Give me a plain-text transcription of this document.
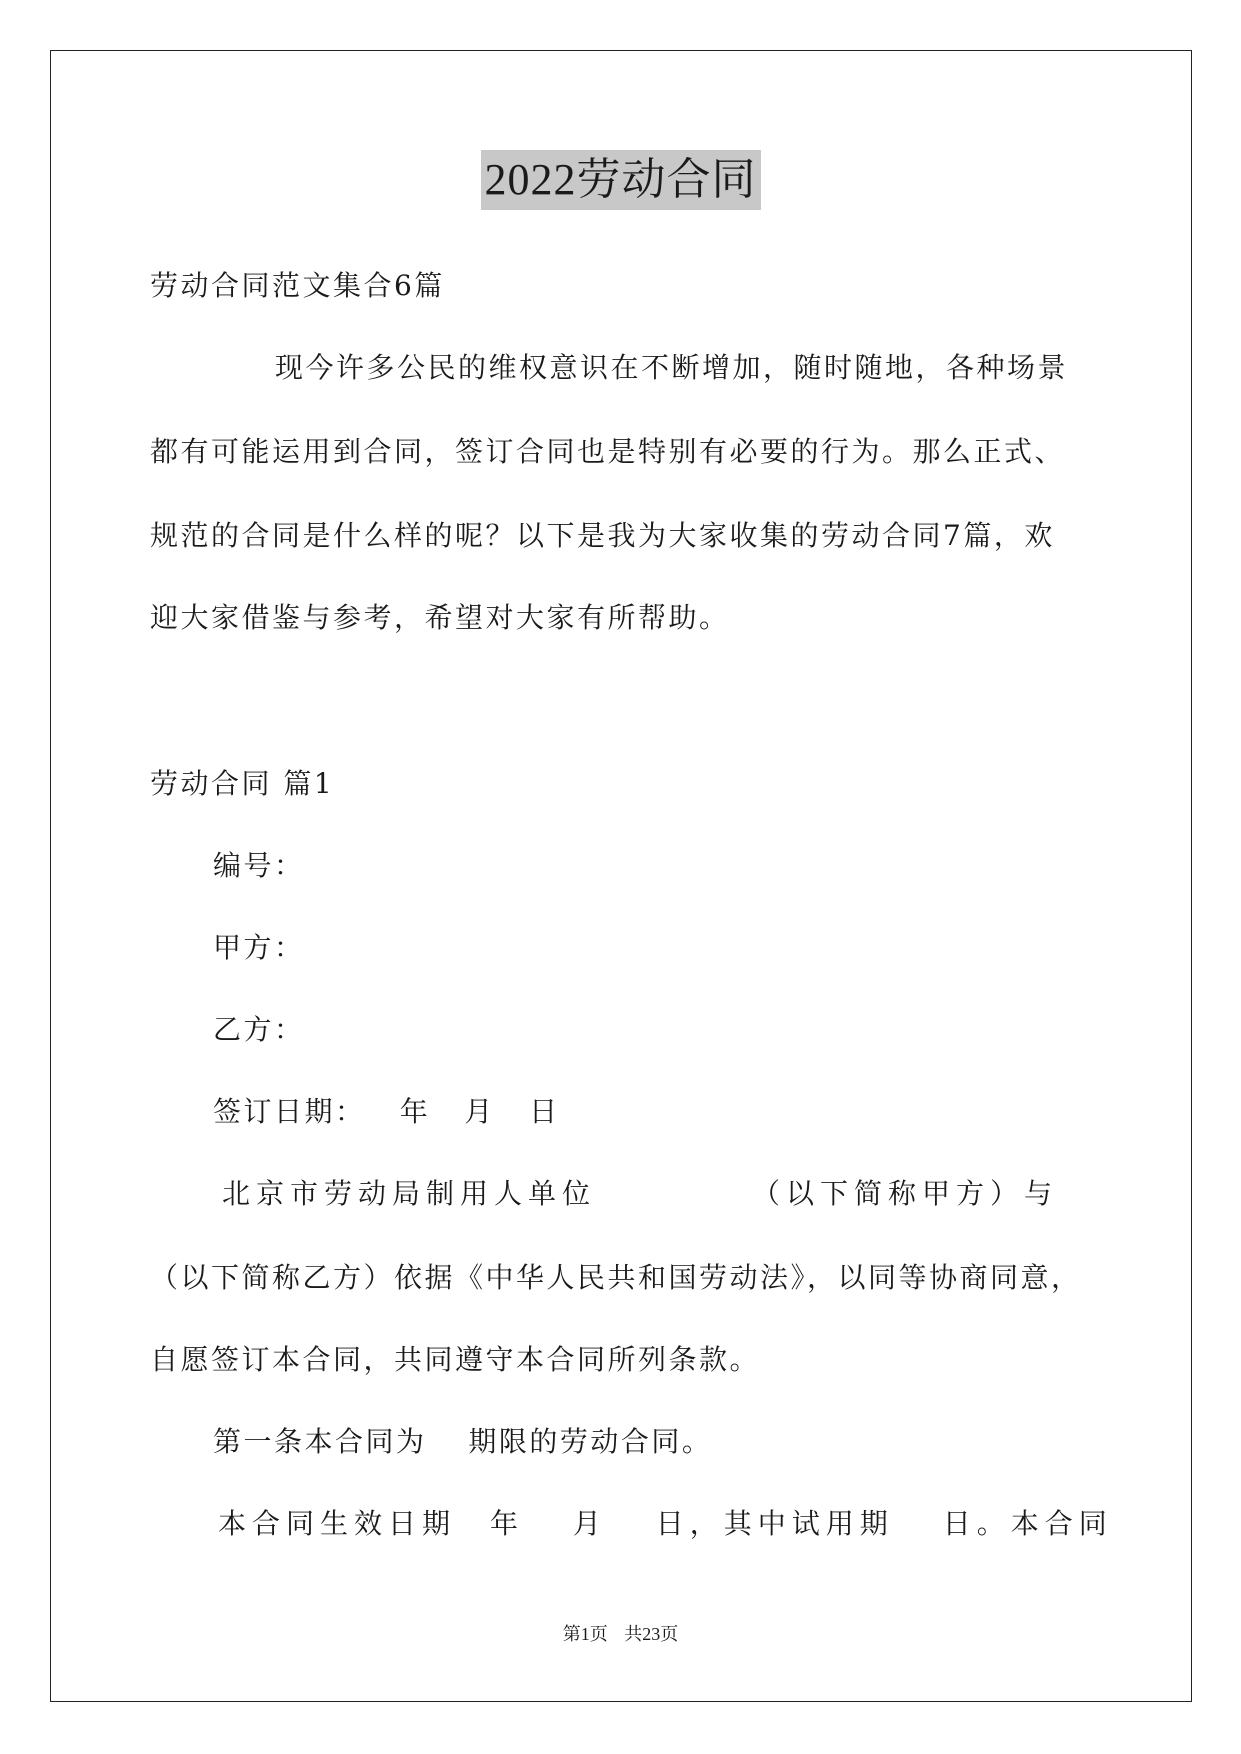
2022劳动合同
劳动合同范文集合6篇
现今许多公民的维权意识在不断增加，随时随地，各种场景
都有可能运用到合同，签订合同也是特别有必要的行为。那么正式、
规范的合同是什么样的呢？以下是我为大家收集的劳动合同7篇，欢
迎大家借鉴与参考，希望对大家有所帮助。
劳动合同 篇1
编号：
甲方：
乙方：
签订日期：   年   月   日
北京市劳动局制用人单位　　　　　（以下简称甲方）与
（以下简称乙方）依据《中华人民共和国劳动法》，以同等协商同意，
自愿签订本合同，共同遵守本合同所列条款。
第一条本合同为　 期限的劳动合同。
本合同生效日期　年　 月　 日，其中试用期　 日。本合同
第1页 共23页
